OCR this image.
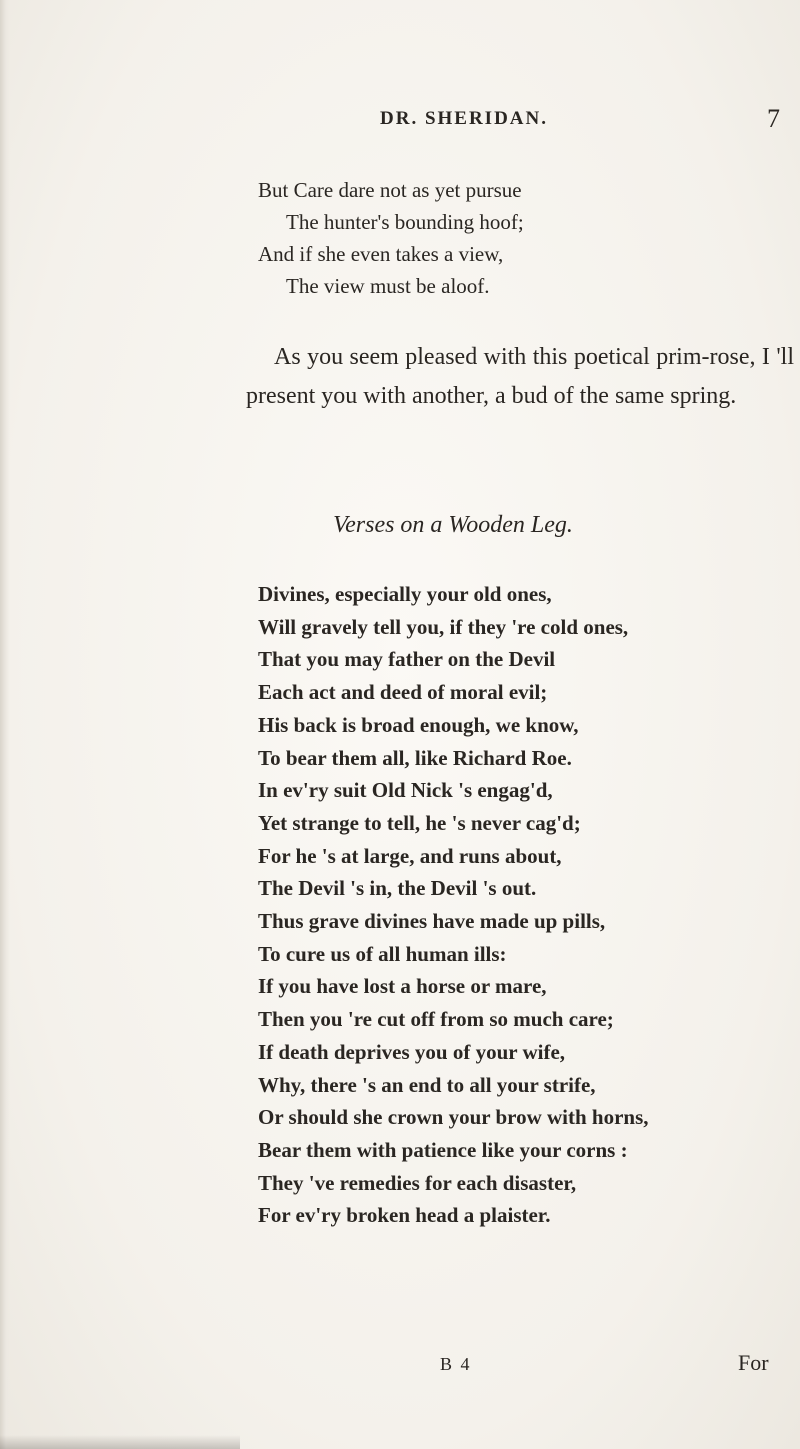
DR. SHERIDAN.	7
But Care dare not as yet pursue
The hunter's bounding hoof;
And if she even takes a view,
The view must be aloof.

As you seem pleased with this poetical prim-rose, I 'll present you with another, a bud of the same spring.

Verses on a Wooden Leg.
Divines, especially your old ones,
Will gravely tell you, if they 're cold ones,
That you may father on the Devil
Each act and deed of moral evil;
His back is broad enough, we know,
To bear them all, like Richard Roe.
In ev'ry suit Old Nick 's engag'd,
Yet strange to tell, he 's never cag'd;
For he 's at large, and runs about,
The Devil 's in, the Devil 's out.
Thus grave divines have made up pills,
To cure us of all human ills:
If you have lost a horse or mare,
Then you 're cut off from so much care;
If death deprives you of your wife,
Why, there 's an end to all your strife,
Or should she crown your brow with horns,
Bear them with patience like your corns :
They 've remedies for each disaster,
For ev'ry broken head a plaister.
B 4	For
